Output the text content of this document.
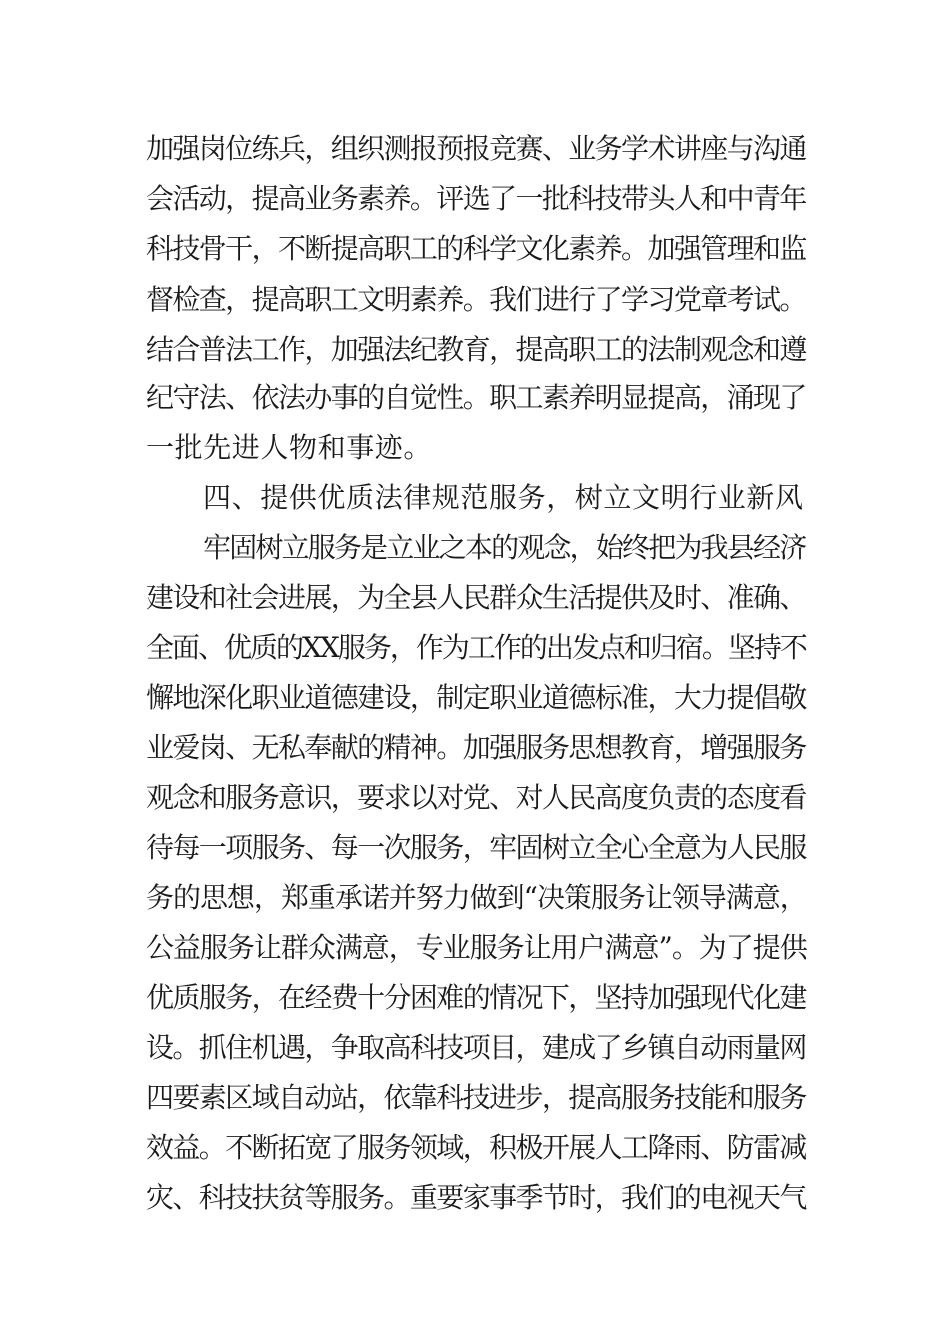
加强岗位练兵，组织测报预报竞赛、业务学术讲座与沟通
会活动，提高业务素养。评选了一批科技带头人和中青年
科技骨干，不断提高职工的科学文化素养。加强管理和监
督检查，提高职工文明素养。我们进行了学习党章考试。
结合普法工作，加强法纪教育，提高职工的法制观念和遵
纪守法、依法办事的自觉性。职工素养明显提高，涌现了
一批先进人物和事迹。
四、提供优质法律规范服务，树立文明行业新风
牢固树立服务是立业之本的观念，始终把为我县经济
建设和社会进展，为全县人民群众生活提供及时、准确、
全面、优质的XX服务，作为工作的出发点和归宿。坚持不
懈地深化职业道德建设，制定职业道德标准，大力提倡敬
业爱岗、无私奉献的精神。加强服务思想教育，增强服务
观念和服务意识，要求以对党、对人民高度负责的态度看
待每一项服务、每一次服务，牢固树立全心全意为人民服
务的思想，郑重承诺并努力做到“决策服务让领导满意，
公益服务让群众满意，专业服务让用户满意”。为了提供
优质服务，在经费十分困难的情况下，坚持加强现代化建
设。抓住机遇，争取高科技项目，建成了乡镇自动雨量网
四要素区域自动站，依靠科技进步，提高服务技能和服务
效益。不断拓宽了服务领域，积极开展人工降雨、防雷减
灾、科技扶贫等服务。重要家事季节时，我们的电视天气
